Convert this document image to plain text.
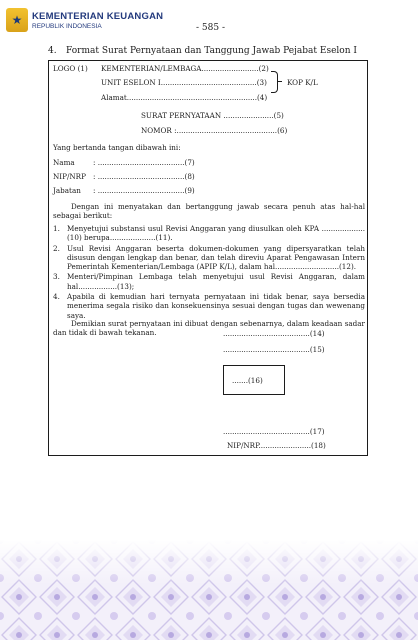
★	KEMENTERIAN KEUANGAN
REPUBLIK INDONESIA	- 585 -
4. Format Surat Pernyataan dan Tanggung Jawab Pejabat Eselon I
LOGO (1) KEMENTERIAN/LEMBAGA.........................(2)
UNIT ESELON I..........................................(3)	KOP K/L
Alamat.........................................................(4)
SURAT PERNYATAAN ......................(5)
NOMOR :............................................(6)
Yang bertanda tangan dibawah ini:
Nama	: ......................................(7)
NIP/NRP : ......................................(8)
Jabatan : ......................................(9)
Dengan ini menyatakan dan bertanggung jawab secara penuh atas hal-hal sebagai berikut:
1. Menyetujui substansi usul Revisi Anggaran yang diusulkan oleh KPA ...................(10) berupa....................(11).
2. Usul Revisi Anggaran beserta dokumen-dokumen yang dipersyaratkan telah disusun dengan lengkap dan benar, dan telah direviu Aparat Pengawasan Intern Pemerintah Kementerian/Lembaga (APIP K/L), dalam hal............................(12).
3. Menteri/Pimpinan Lembaga telah menyetujui usul Revisi Anggaran, dalam hal.................(13);
4. Apabila di kemudian hari ternyata pernyataan ini tidak benar, saya bersedia menerima segala risiko dan konsekuensinya sesuai dengan tugas dan wewenang saya.
Demikian surat pernyataan ini dibuat dengan sebenarnya, dalam keadaan sadar dan tidak di bawah tekanan.	......................................(14)
......................................(15)
.......(16)
......................................(17)
NIP/NRP.......................(18)
